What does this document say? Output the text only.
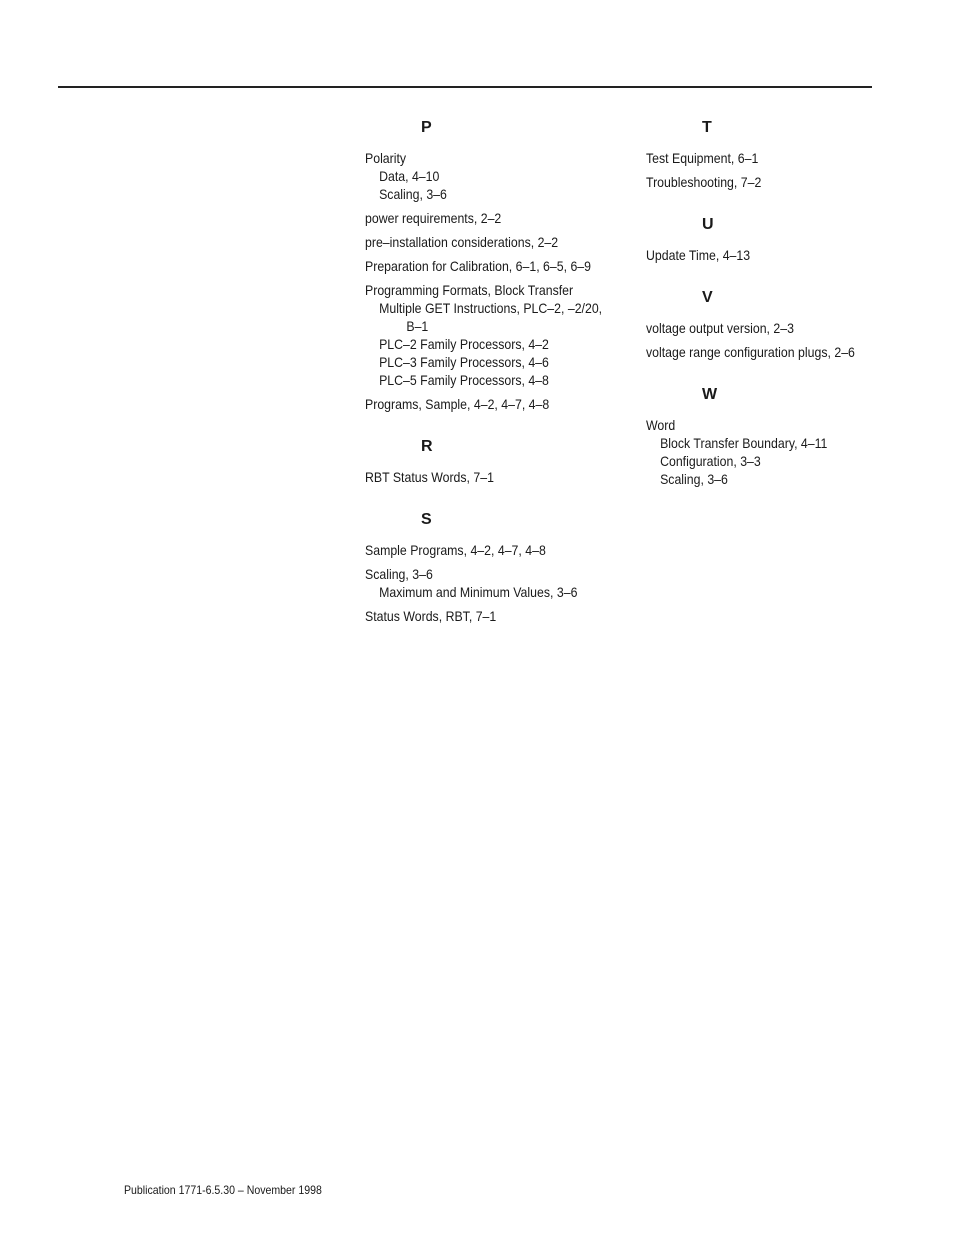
P
Polarity
Data, 4–10
Scaling, 3–6
power requirements, 2–2
pre–installation considerations, 2–2
Preparation for Calibration, 6–1, 6–5, 6–9
Programming Formats, Block Transfer
Multiple GET Instructions, PLC–2, –2/20,
B–1
PLC–2 Family Processors, 4–2
PLC–3 Family Processors, 4–6
PLC–5 Family Processors, 4–8
Programs, Sample, 4–2, 4–7, 4–8
R
RBT Status Words, 7–1
S
Sample Programs, 4–2, 4–7, 4–8
Scaling, 3–6
Maximum and Minimum Values, 3–6
Status Words, RBT, 7–1
T
Test Equipment, 6–1
Troubleshooting, 7–2
U
Update Time, 4–13
V
voltage output version, 2–3
voltage range configuration plugs, 2–6
W
Word
Block Transfer Boundary, 4–11
Configuration, 3–3
Scaling, 3–6
Publication 1771-6.5.30 – November 1998
